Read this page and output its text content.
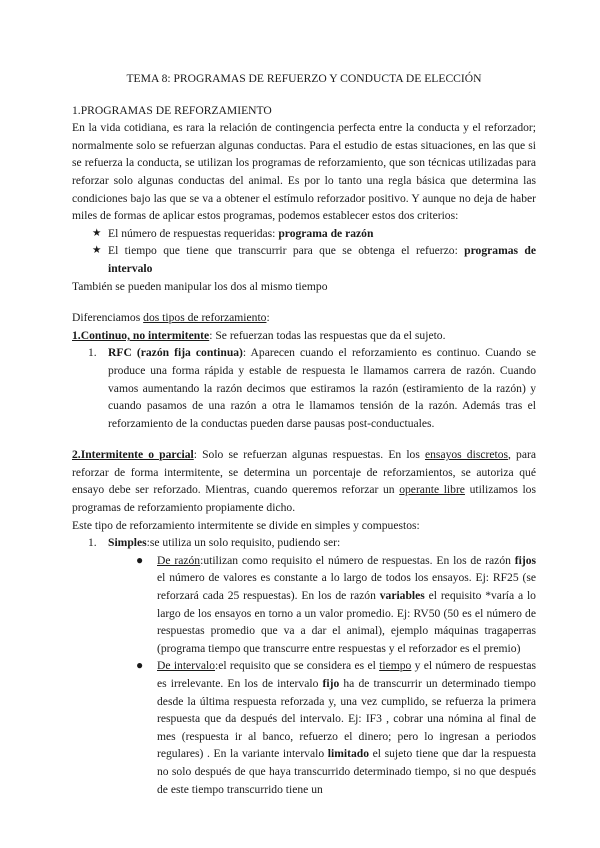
TEMA 8: PROGRAMAS DE REFUERZO Y CONDUCTA DE ELECCIÓN

1.PROGRAMAS DE REFORZAMIENTO

En la vida cotidiana, es rara la relación de contingencia perfecta entre la conducta y el reforzador; normalmente solo se refuerzan algunas conductas. Para el estudio de estas situaciones, en las que si se refuerza la conducta, se utilizan los programas de reforzamiento, que son técnicas utilizadas para reforzar solo algunas conductas del animal. Es por lo tanto una regla básica que determina las condiciones bajo las que se va a obtener el estímulo reforzador positivo. Y aunque no deja de haber miles de formas de aplicar estos programas, podemos establecer estos dos criterios:

★ El número de respuestas requeridas: programa de razón
★ El tiempo que tiene que transcurrir para que se obtenga el refuerzo: programas de intervalo

También se pueden manipular los dos al mismo tiempo

Diferenciamos dos tipos de reforzamiento:

1.Continuo, no intermitente: Se refuerzan todas las respuestas que da el sujeto.

1. RFC (razón fija continua): Aparecen cuando el reforzamiento es continuo. Cuando se produce una forma rápida y estable de respuesta le llamamos carrera de razón. Cuando vamos aumentando la razón decimos que estiramos la razón (estiramiento de la razón) y cuando pasamos de una razón a otra le llamamos tensión de la razón. Además tras el reforzamiento de la conductas pueden darse pausas post-conductuales.

2.Intermitente o parcial: Solo se refuerzan algunas respuestas. En los ensayos discretos, para reforzar de forma intermitente, se determina un porcentaje de reforzamientos, se autoriza qué ensayo debe ser reforzado. Mientras, cuando queremos reforzar un operante libre utilizamos los programas de reforzamiento propiamente dicho.

Este tipo de reforzamiento intermitente se divide en simples y compuestos:

1. Simples:se utiliza un solo requisito, pudiendo ser:
● De razón:utilizan como requisito el número de respuestas. En los de razón fijos el número de valores es constante a lo largo de todos los ensayos. Ej: RF25 (se reforzará cada 25 respuestas). En los de razón variables el requisito *varía a lo largo de los ensayos en torno a un valor promedio. Ej: RV50 (50 es el número de respuestas promedio que va a dar el animal), ejemplo máquinas tragaperras (programa tiempo que transcurre entre respuestas y el reforzador es el premio)
● De intervalo:el requisito que se considera es el tiempo y el número de respuestas es irrelevante. En los de intervalo fijo ha de transcurrir un determinado tiempo desde la última respuesta reforzada y, una vez cumplido, se refuerza la primera respuesta que da después del intervalo. Ej: IF3 , cobrar una nómina al final de mes (respuesta ir al banco, refuerzo el dinero; pero lo ingresan a periodos regulares) . En la variante intervalo limitado el sujeto tiene que dar la respuesta no solo después de que haya transcurrido determinado tiempo, si no que después de este tiempo transcurrido tiene un
